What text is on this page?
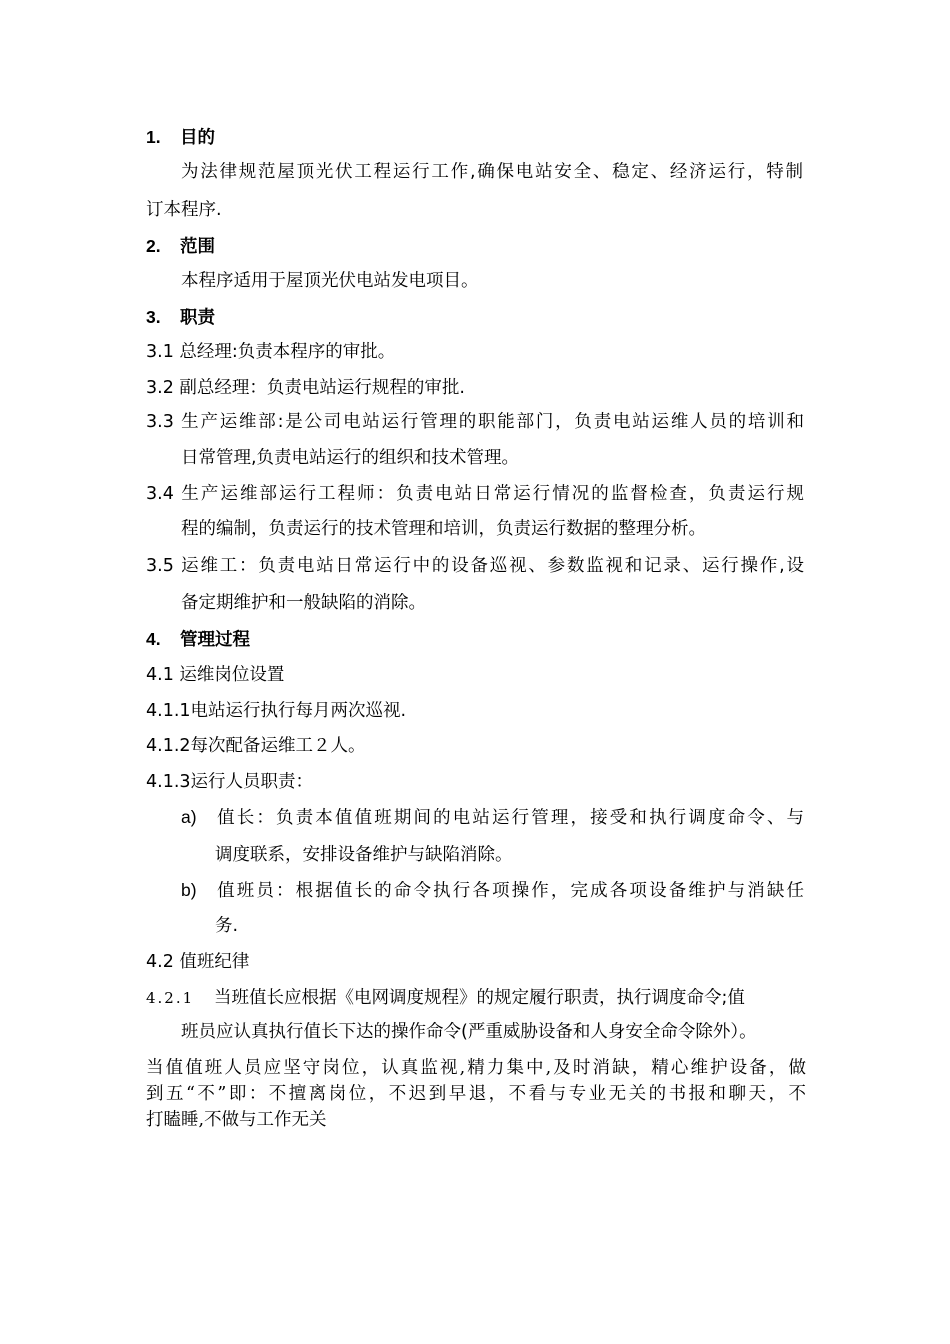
1. 目的
为法律规范屋顶光伏工程运行工作,确保电站安全、稳定、经济运行，特制
订本程序.
2. 范围
本程序适用于屋顶光伏电站发电项目。
3. 职责
3.1 总经理:负责本程序的审批。
3.2 副总经理：负责电站运行规程的审批.
3.3 生产运维部:是公司电站运行管理的职能部门，负责电站运维人员的培训和
日常管理,负责电站运行的组织和技术管理。
3.4 生产运维部运行工程师：负责电站日常运行情况的监督检查，负责运行规
程的编制，负责运行的技术管理和培训，负责运行数据的整理分析。
3.5 运维工：负责电站日常运行中的设备巡视、参数监视和记录、运行操作,设
备定期维护和一般缺陷的消除。
4. 管理过程
4.1 运维岗位设置
4.1.1电站运行执行每月两次巡视.
4.1.2每次配备运维工２人。
4.1.3运行人员职责：
a) 值长：负责本值值班期间的电站运行管理，接受和执行调度命令、与
调度联系，安排设备维护与缺陷消除。
b) 值班员：根据值长的命令执行各项操作，完成各项设备维护与消缺任
务.
4.2 值班纪律
4.2.1 当班值长应根据《电网调度规程》的规定履行职责，执行调度命令;值
班员应认真执行值长下达的操作命令(严重威胁设备和人身安全命令除外）。
当值值班人员应坚守岗位，认真监视,精力集中,及时消缺，精心维护设备，做
到五“不”即：不擅离岗位，不迟到早退，不看与专业无关的书报和聊天，不
打瞌睡,不做与工作无关
